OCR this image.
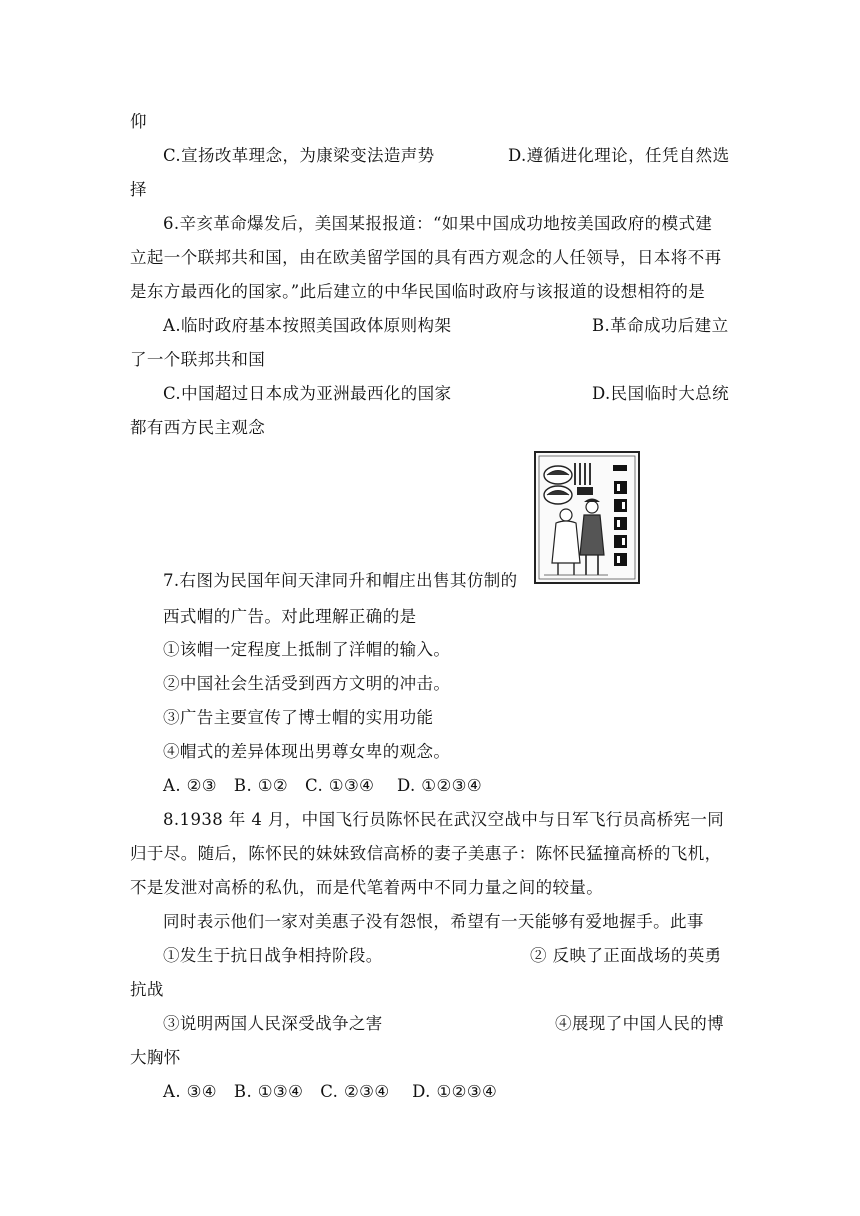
仰
C.宣扬改革理念，为康梁变法造声势	D.遵循进化理论，任凭自然选
择
6.辛亥革命爆发后，美国某报报道：“如果中国成功地按美国政府的模式建
立起一个联邦共和国，由在欧美留学国的具有西方观念的人任领导，日本将不再
是东方最西化的国家。”此后建立的中华民国临时政府与该报道的设想相符的是
A.临时政府基本按照美国政体原则构架	B.革命成功后建立
了一个联邦共和国
C.中国超过日本成为亚洲最西化的国家	D.民国临时大总统
都有西方民主观念
7.右图为民国年间天津同升和帽庄出售其仿制的
西式帽的广告。对此理解正确的是
①该帽一定程度上抵制了洋帽的输入。
②中国社会生活受到西方文明的冲击。
③广告主要宣传了博士帽的实用功能
④帽式的差异体现出男尊女卑的观念。
A. ②③   B. ①②   C. ①③④    D. ①②③④
8.1938 年 4 月，中国飞行员陈怀民在武汉空战中与日军飞行员高桥宪一同
归于尽。随后，陈怀民的妹妹致信高桥的妻子美惠子：陈怀民猛撞高桥的飞机，
不是发泄对高桥的私仇，而是代笔着两中不同力量之间的较量。
同时表示他们一家对美惠子没有怨恨，希望有一天能够有爱地握手。此事
①发生于抗日战争相持阶段。	② 反映了正面战场的英勇
抗战
③说明两国人民深受战争之害	④展现了中国人民的博
大胸怀
A. ③④   B. ①③④   C. ②③④    D. ①②③④
